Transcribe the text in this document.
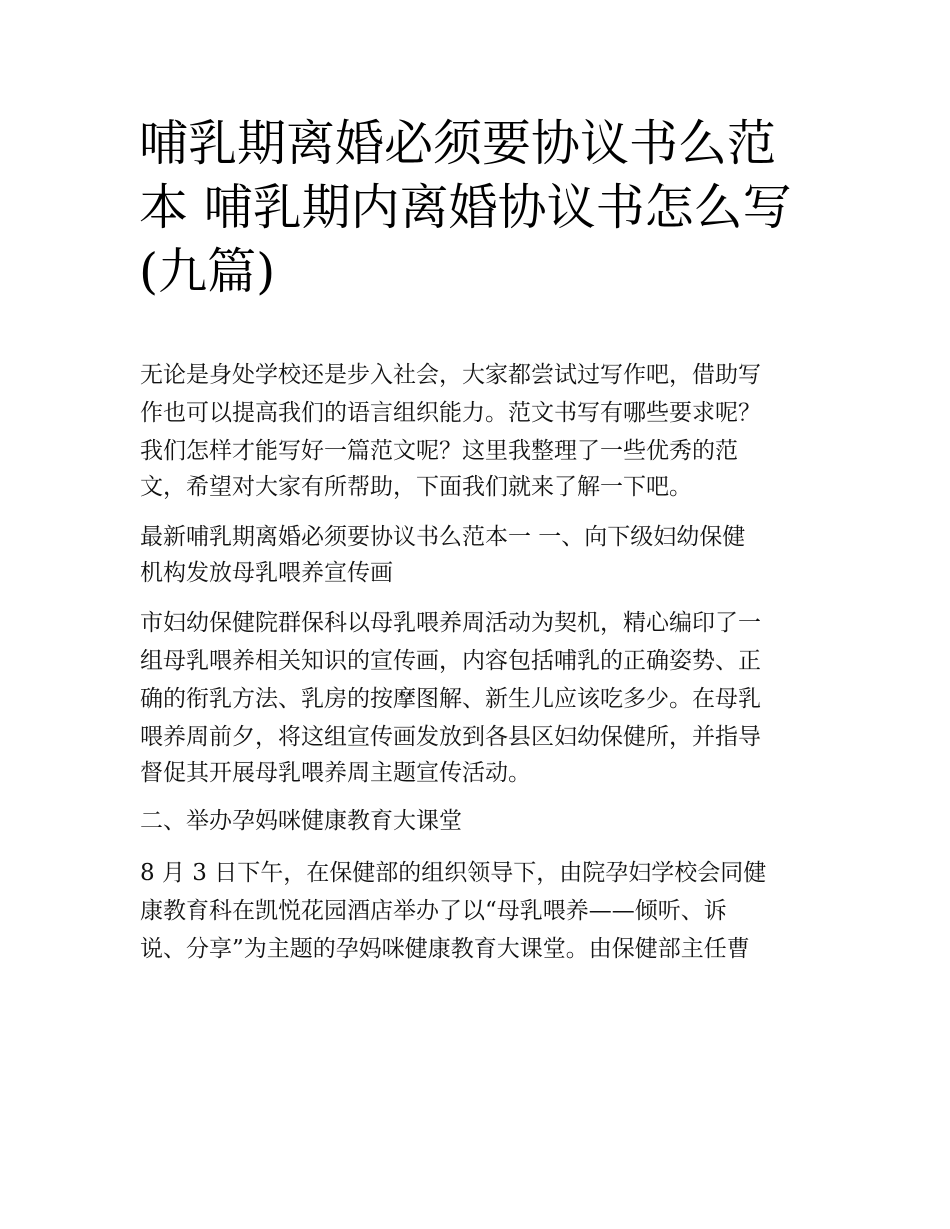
哺乳期离婚必须要协议书么范
本 哺乳期内离婚协议书怎么写
(九篇)
无论是身处学校还是步入社会，大家都尝试过写作吧，借助写
作也可以提高我们的语言组织能力。范文书写有哪些要求呢？
我们怎样才能写好一篇范文呢？这里我整理了一些优秀的范
文，希望对大家有所帮助，下面我们就来了解一下吧。
最新哺乳期离婚必须要协议书么范本一 一、向下级妇幼保健
机构发放母乳喂养宣传画
市妇幼保健院群保科以母乳喂养周活动为契机，精心编印了一
组母乳喂养相关知识的宣传画，内容包括哺乳的正确姿势、正
确的衔乳方法、乳房的按摩图解、新生儿应该吃多少。在母乳
喂养周前夕，将这组宣传画发放到各县区妇幼保健所，并指导
督促其开展母乳喂养周主题宣传活动。
二、举办孕妈咪健康教育大课堂
8 月 3 日下午，在保健部的组织领导下，由院孕妇学校会同健
康教育科在凯悦花园酒店举办了以“母乳喂养——倾听、诉
说、分享”为主题的孕妈咪健康教育大课堂。由保健部主任曹
